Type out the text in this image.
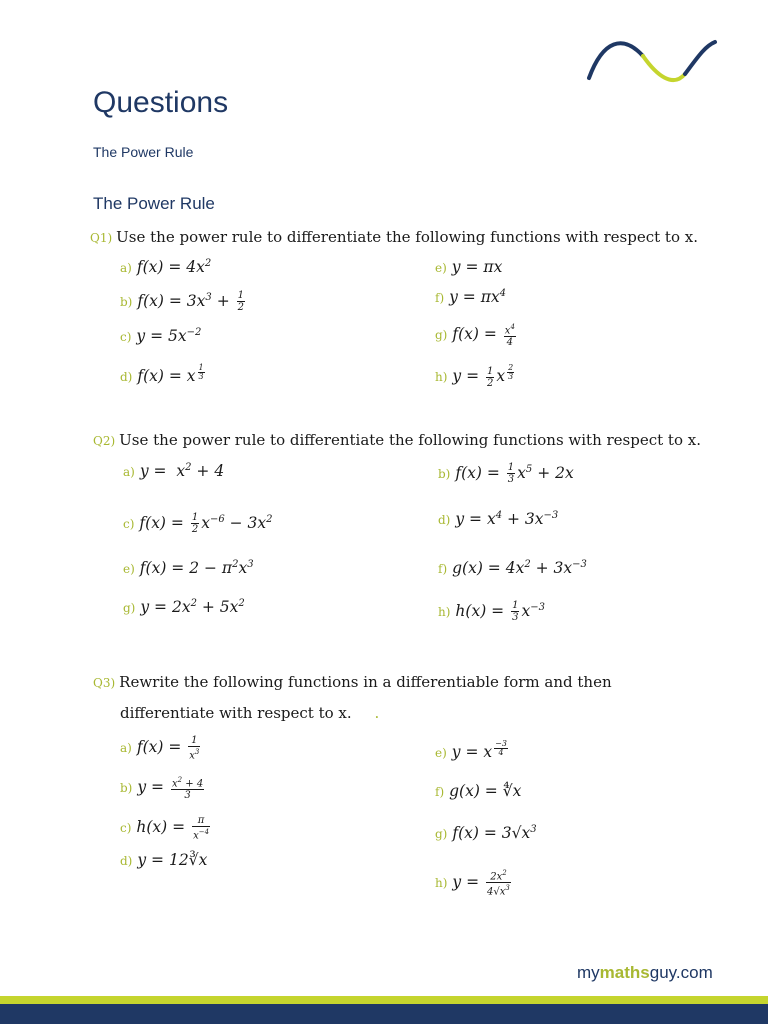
Questions
The Power Rule
The Power Rule
Q1) Use the power rule to differentiate the following functions with respect to x.
a) $f(x) = 4x^2$
b) $f(x) = 3x^3 + \frac{1}{2}$
c) $y = 5x^{-2}$
d) f(x) = x $^{\frac{1}{3}}$
e) y = πx
f) $y = \pi x^4$
g) $f(x) = \frac{x^4}{4}$
h) $y = \frac{1}{2}$ x $^{\frac{2}{3}}$
Q2) Use the power rule to differentiate the following functions with respect to x.
a) $y = x^2 + 4$	b) $f(x) = \frac{1}{3} x^5 + 2x$
c) $f(x) = \frac{1}{2} x^{-6} - 3x^2$	d) $y = x^4 + 3x^{-3}$
e) $f(x) = 2 - \pi^2x^3$	f) $g(x) = 4x^2 + 3x^{-3}$
g) $y = 2x^2 + 5x^2$
h) $h(x) = \frac{1}{3} x^{-3}$
Q3) Rewrite the following functions in a differentiable form and then
differentiate with respect to x. .
a) $f(x) = \frac{1}{x^3}$
b) $y = \frac{x^2 + 4}{3}$
c) $h(x) = \frac{\pi}{x^{-4}}$
d) y = 12∛x
e) y = x $^{\frac{-3}{4}}$
f) g(x) = ∜x
g) $f(x) = 3√x^3$
h) $y = \frac{2x^2}{4√x^3}$
mymathsguy.com
